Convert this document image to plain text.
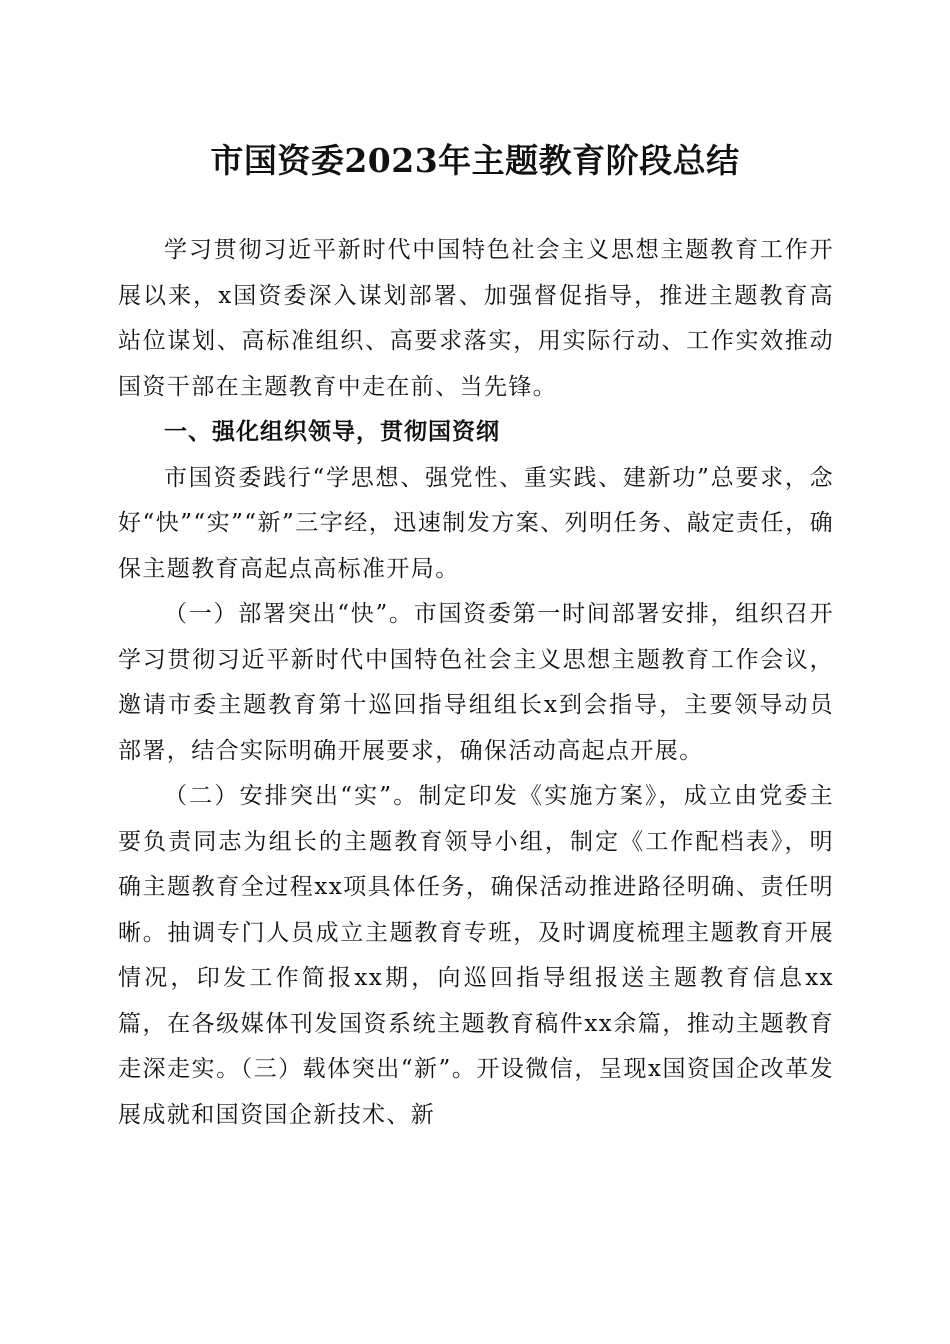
市国资委2023年主题教育阶段总结

学习贯彻习近平新时代中国特色社会主义思想主题教育工作开展以来，x国资委深入谋划部署、加强督促指导，推进主题教育高站位谋划、高标准组织、高要求落实，用实际行动、工作实效推动国资干部在主题教育中走在前、当先锋。

一、强化组织领导，贯彻国资纲

市国资委践行“学思想、强党性、重实践、建新功”总要求，念好“快”“实”“新”三字经，迅速制发方案、列明任务、敲定责任，确保主题教育高起点高标准开局。

（一）部署突出“快”。市国资委第一时间部署安排，组织召开学习贯彻习近平新时代中国特色社会主义思想主题教育工作会议，邀请市委主题教育第十巡回指导组组长x到会指导，主要领导动员部署，结合实际明确开展要求，确保活动高起点开展。

（二）安排突出“实”。制定印发《实施方案》，成立由党委主要负责同志为组长的主题教育领导小组，制定《工作配档表》，明确主题教育全过程xx项具体任务，确保活动推进路径明确、责任明晰。抽调专门人员成立主题教育专班，及时调度梳理主题教育开展情况，印发工作简报xx期，向巡回指导组报送主题教育信息xx篇，在各级媒体刊发国资系统主题教育稿件xx余篇，推动主题教育走深走实。（三）载体突出“新”。开设微信，呈现x国资国企改革发展成就和国资国企新技术、新
